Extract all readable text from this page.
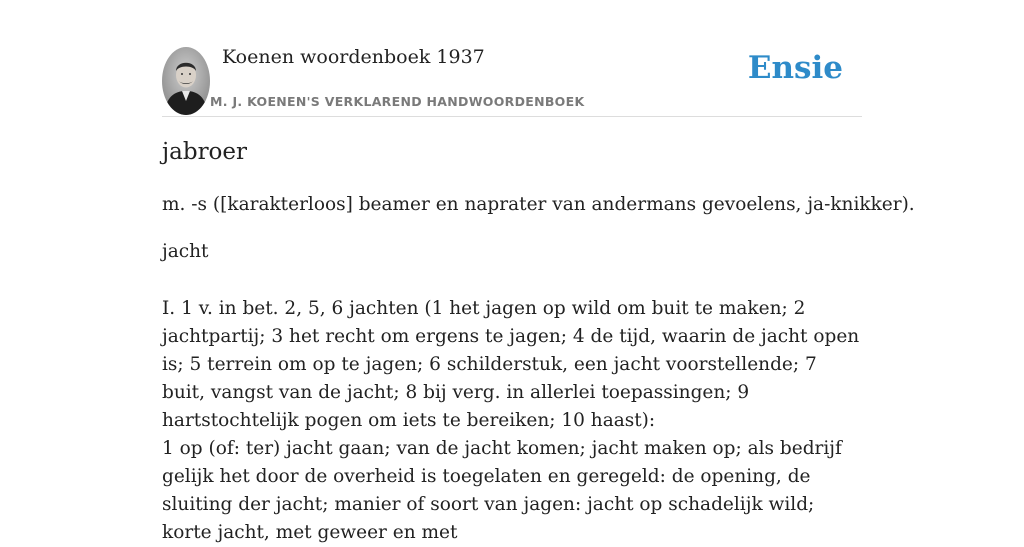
Koenen woordenboek 1937
M. J. KOENEN'S VERKLAREND HANDWOORDENBOEK
Ensie
jabroer
m. -s ([karakterloos] beamer en naprater van andermans gevoelens, ja-knikker).
jacht

I. 1 v. in bet. 2, 5, 6 jachten (1 het jagen op wild om buit te maken; 2 jachtpartij; 3 het recht om ergens te jagen; 4 de tijd, waarin de jacht open is; 5 terrein om op te jagen; 6 schilderstuk, een jacht voorstellende; 7 buit, vangst van de jacht; 8 bij verg. in allerlei toepassingen; 9 hartstochtelijk pogen om iets te bereiken; 10 haast):

1 op (of: ter) jacht gaan; van de jacht komen; jacht maken op; als bedrijf gelijk het door de overheid is toegelaten en geregeld: de opening, de sluiting der jacht; manier of soort van jagen: jacht op schadelijk wild; korte jacht, met geweer en met
